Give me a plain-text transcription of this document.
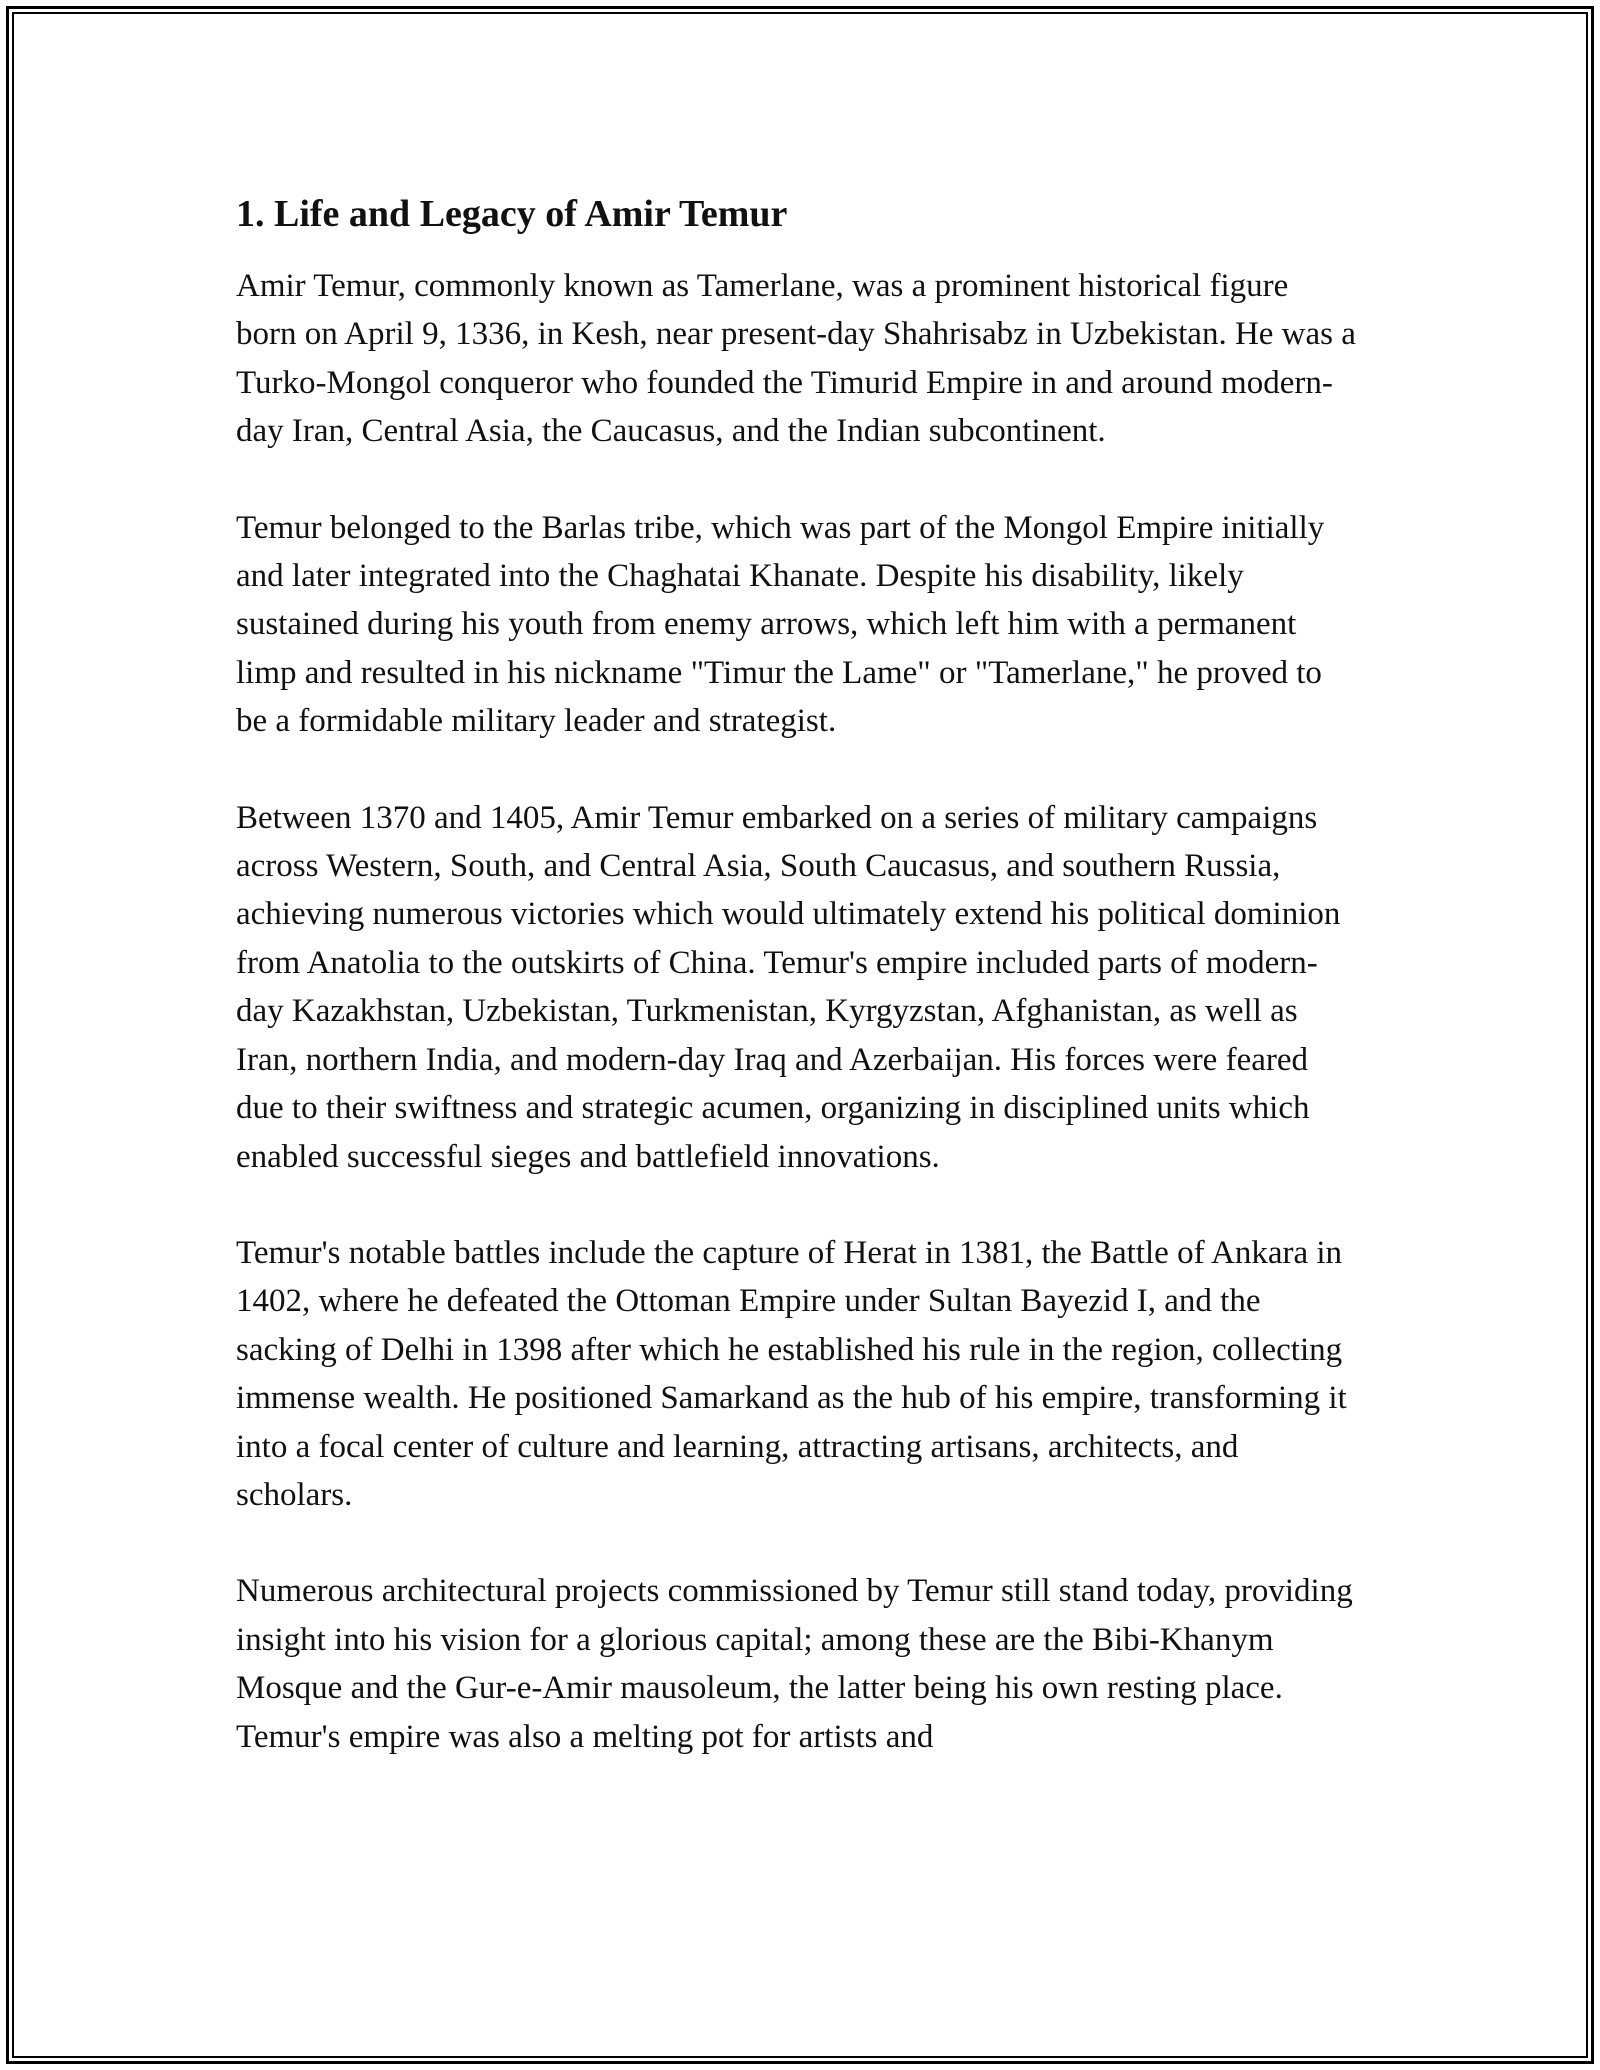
1. Life and Legacy of Amir Temur

Amir Temur, commonly known as Tamerlane, was a prominent historical figure born on April 9, 1336, in Kesh, near present-day Shahrisabz in Uzbekistan. He was a Turko-Mongol conqueror who founded the Timurid Empire in and around modern-day Iran, Central Asia, the Caucasus, and the Indian subcontinent.

Temur belonged to the Barlas tribe, which was part of the Mongol Empire initially and later integrated into the Chaghatai Khanate. Despite his disability, likely sustained during his youth from enemy arrows, which left him with a permanent limp and resulted in his nickname "Timur the Lame" or "Tamerlane," he proved to be a formidable military leader and strategist.

Between 1370 and 1405, Amir Temur embarked on a series of military campaigns across Western, South, and Central Asia, South Caucasus, and southern Russia, achieving numerous victories which would ultimately extend his political dominion from Anatolia to the outskirts of China. Temur's empire included parts of modern-day Kazakhstan, Uzbekistan, Turkmenistan, Kyrgyzstan, Afghanistan, as well as Iran, northern India, and modern-day Iraq and Azerbaijan. His forces were feared due to their swiftness and strategic acumen, organizing in disciplined units which enabled successful sieges and battlefield innovations.

Temur's notable battles include the capture of Herat in 1381, the Battle of Ankara in 1402, where he defeated the Ottoman Empire under Sultan Bayezid I, and the sacking of Delhi in 1398 after which he established his rule in the region, collecting immense wealth. He positioned Samarkand as the hub of his empire, transforming it into a focal center of culture and learning, attracting artisans, architects, and scholars.

Numerous architectural projects commissioned by Temur still stand today, providing insight into his vision for a glorious capital; among these are the Bibi-Khanym Mosque and the Gur-e-Amir mausoleum, the latter being his own resting place. Temur's empire was also a melting pot for artists and
